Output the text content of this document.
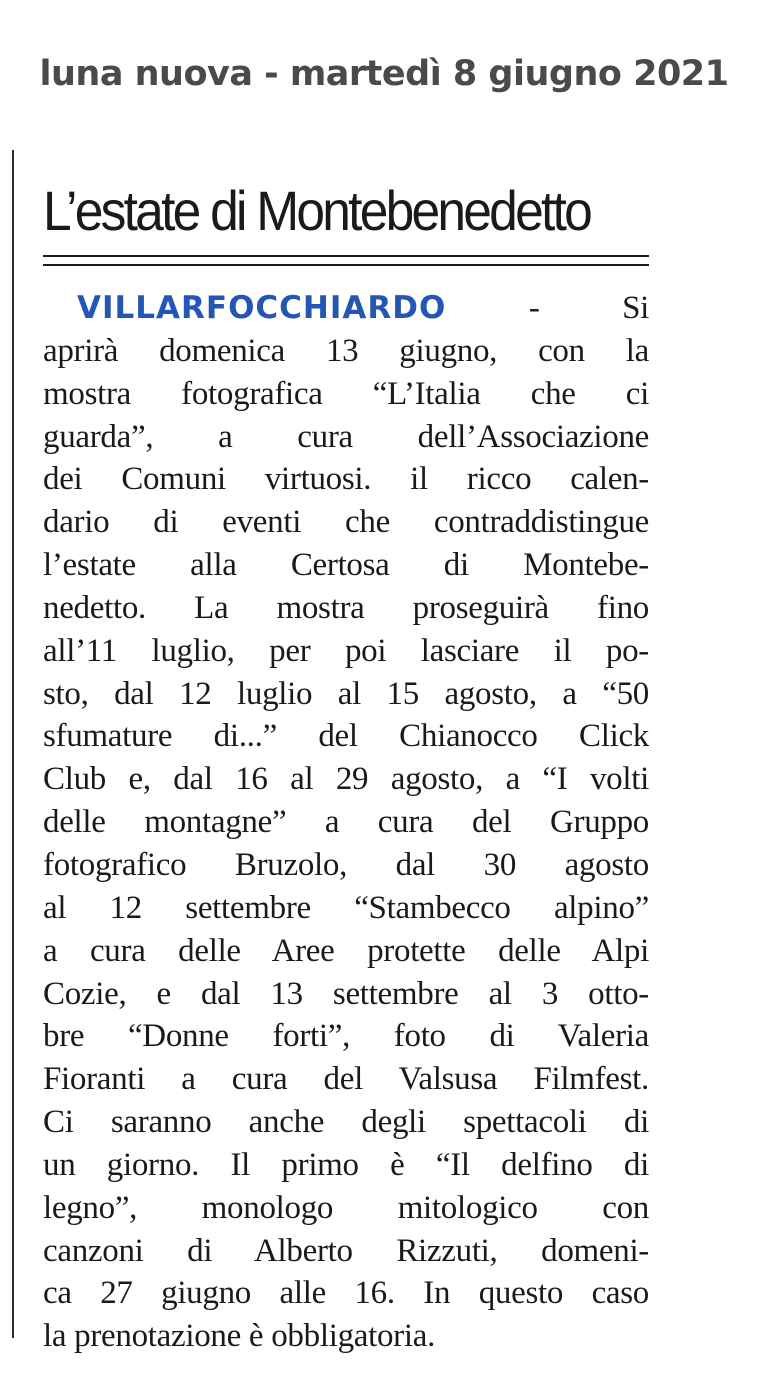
luna nuova - martedì 8 giugno 2021
L’estate di Montebenedetto
VILLARFOCCHIARDO	- Si
aprirà domenica 13 giugno, con la
mostra fotografica “L’Italia che ci
guarda”, a cura dell’Associazione
dei Comuni virtuosi. il ricco calen-
dario di eventi che contraddistingue
l’estate alla Certosa di Montebe-
nedetto. La mostra proseguirà fino
all’11 luglio, per poi lasciare il po-
sto, dal 12 luglio al 15 agosto, a “50
sfumature di...” del Chianocco Click
Club e, dal 16 al 29 agosto, a “I volti
delle montagne” a cura del Gruppo
fotografico Bruzolo, dal 30 agosto
al 12 settembre “Stambecco alpino”
a cura delle Aree protette delle Alpi
Cozie, e dal 13 settembre al 3 otto-
bre “Donne forti”, foto di Valeria
Fioranti a cura del Valsusa Filmfest.
Ci saranno anche degli spettacoli di
un giorno. Il primo è “Il delfino di
legno”, monologo mitologico con
canzoni di Alberto Rizzuti, domeni-
ca 27 giugno alle 16. In questo caso
la prenotazione è obbligatoria.
